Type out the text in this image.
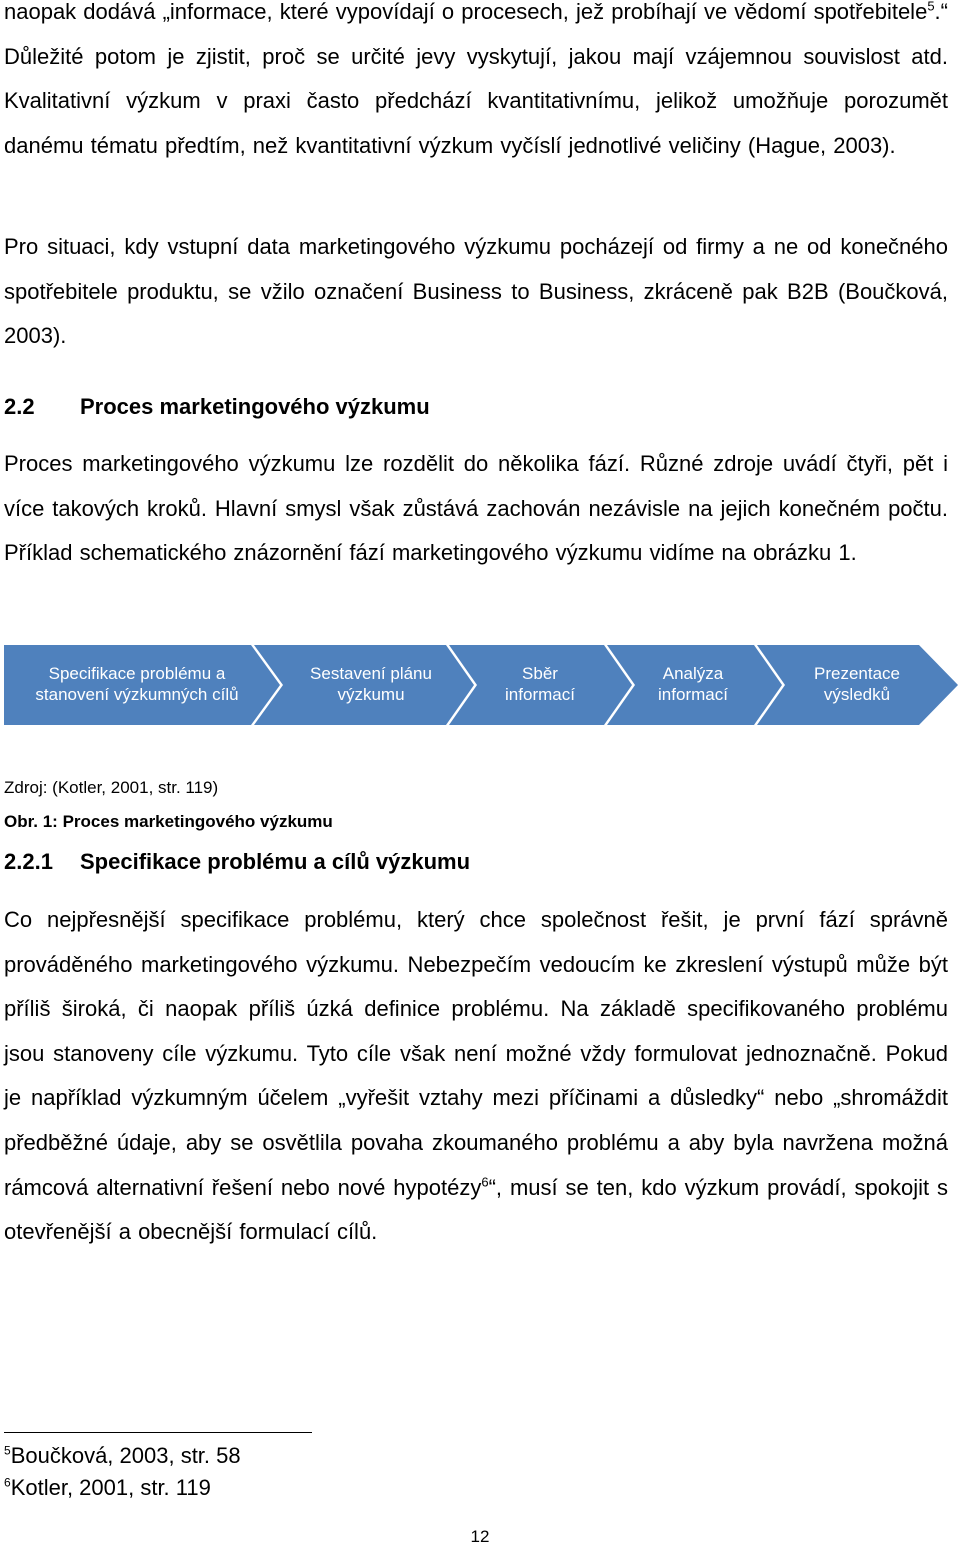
naopak dodává „informace, které vypovídají o procesech, jež probíhají ve vědomí spotřebitele$^5$.“ Důležité potom je zjistit, proč se určité jevy vyskytují, jakou mají vzájemnou souvislost atd. Kvalitativní výzkum v praxi často předchází kvantitativnímu, jelikož umožňuje porozumět danému tématu předtím, než kvantitativní výzkum vyčíslí jednotlivé veličiny (Hague, 2003).

Pro situaci, kdy vstupní data marketingového výzkumu pocházejí od firmy a ne od konečného spotřebitele produktu, se vžilo označení Business to Business, zkráceně pak B2B (Boučková, 2003).

2.2 Proces marketingového výzkumu

Proces marketingového výzkumu lze rozdělit do několika fází. Různé zdroje uvádí čtyři, pět i více takových kroků. Hlavní smysl však zůstává zachován nezávisle na jejich konečném počtu. Příklad schematického znázornění fází marketingového výzkumu vidíme na obrázku 1.

Zdroj: (Kotler, 2001, str. 119)

Obr. 1: Proces marketingového výzkumu

2.2.1 Specifikace problému a cílů výzkumu

Co nejpřesnější specifikace problému, který chce společnost řešit, je první fází správně prováděného marketingového výzkumu. Nebezpečím vedoucím ke zkreslení výstupů může být příliš široká, či naopak příliš úzká definice problému. Na základě specifikovaného problému jsou stanoveny cíle výzkumu. Tyto cíle však není možné vždy formulovat jednoznačně. Pokud je například výzkumným účelem „vyřešit vztahy mezi příčinami a důsledky“ nebo „shromáždit předběžné údaje, aby se osvětlila povaha zkoumaného problému a aby byla navržena možná rámcová alternativní řešení nebo nové hypotézy$^6$“, musí se ten, kdo výzkum provádí, spokojit s otevřenější a obecnější formulací cílů.

Specifikace problému a
stanovení výzkumných cílů
Sestavení plánu
výzkumu
Sběr
informací
Analýza
informací
Prezentace
výsledků
$^5$Boučková, 2003, str. 58
$^6$Kotler, 2001, str. 119
12
